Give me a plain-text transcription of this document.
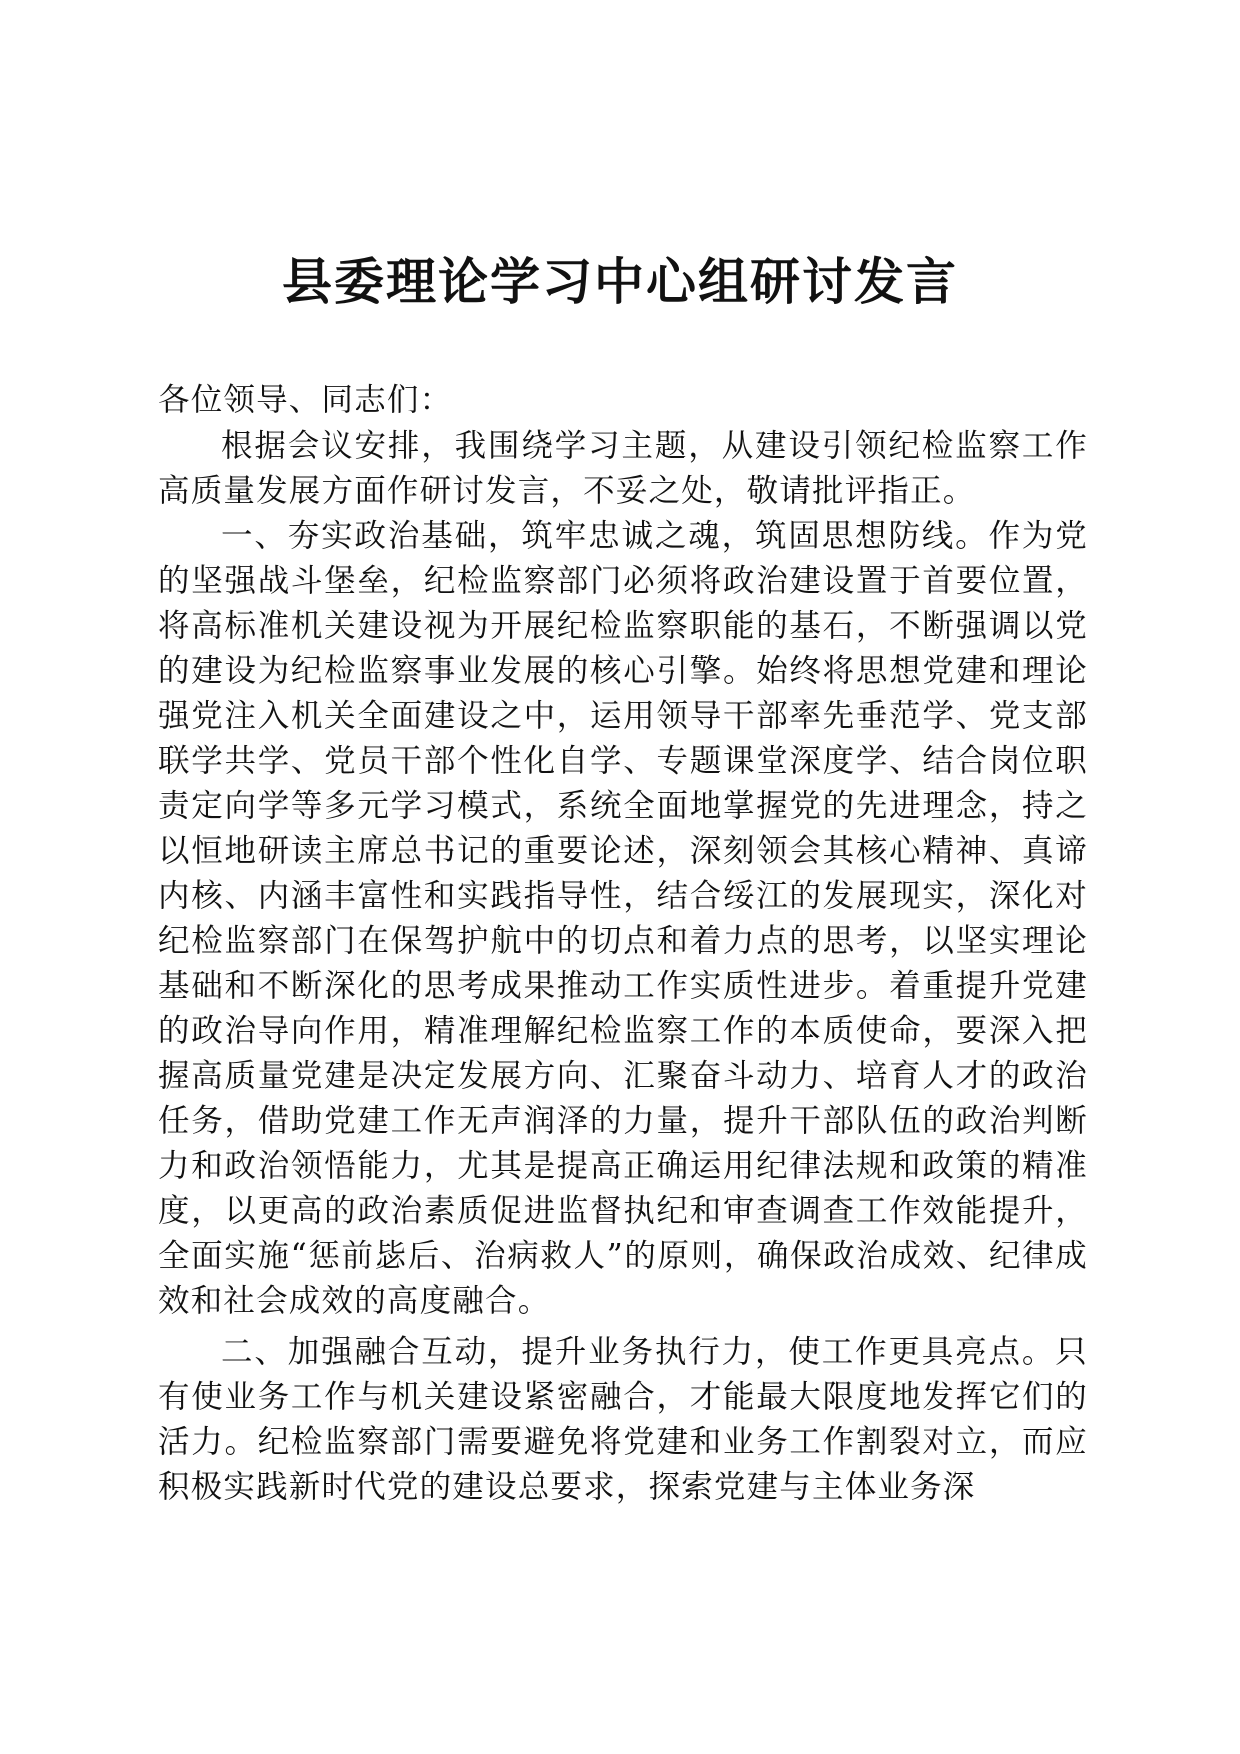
县委理论学习中心组研讨发言

各位领导、同志们：

根据会议安排，我围绕学习主题，从建设引领纪检监察工作高质量发展方面作研讨发言，不妥之处，敬请批评指正。

一、夯实政治基础，筑牢忠诚之魂，筑固思想防线。作为党的坚强战斗堡垒，纪检监察部门必须将政治建设置于首要位置，将高标准机关建设视为开展纪检监察职能的基石，不断强调以党的建设为纪检监察事业发展的核心引擎。始终将思想党建和理论强党注入机关全面建设之中，运用领导干部率先垂范学、党支部联学共学、党员干部个性化自学、专题课堂深度学、结合岗位职责定向学等多元学习模式，系统全面地掌握党的先进理念，持之以恒地研读主席总书记的重要论述，深刻领会其核心精神、真谛内核、内涵丰富性和实践指导性，结合绥江的发展现实，深化对纪检监察部门在保驾护航中的切点和着力点的思考，以坚实理论基础和不断深化的思考成果推动工作实质性进步。着重提升党建的政治导向作用，精准理解纪检监察工作的本质使命，要深入把握高质量党建是决定发展方向、汇聚奋斗动力、培育人才的政治任务，借助党建工作无声润泽的力量，提升干部队伍的政治判断力和政治领悟能力，尤其是提高正确运用纪律法规和政策的精准度，以更高的政治素质促进监督执纪和审查调查工作效能提升，全面实施“惩前毖后、治病救人”的原则，确保政治成效、纪律成效和社会成效的高度融合。

二、加强融合互动，提升业务执行力，使工作更具亮点。只有使业务工作与机关建设紧密融合，才能最大限度地发挥它们的活力。纪检监察部门需要避免将党建和业务工作割裂对立，而应积极实践新时代党的建设总要求，探索党建与主体业务深
